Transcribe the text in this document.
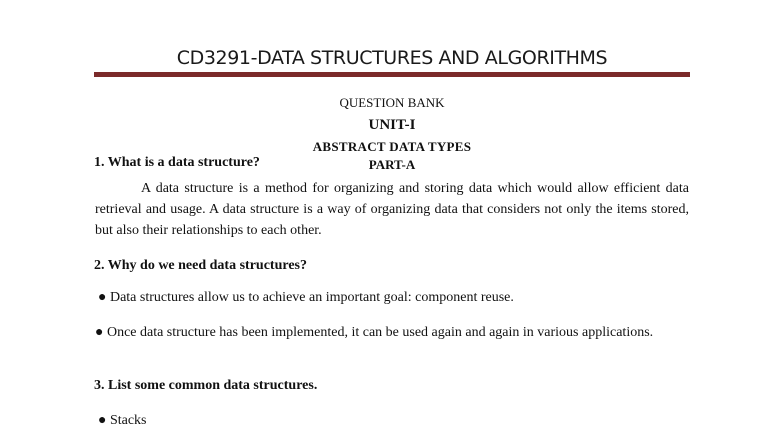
CD3291-DATA STRUCTURES AND ALGORITHMS
QUESTION BANK
UNIT-I
ABSTRACT DATA TYPES
PART-A
1. What is a data structure?
A data structure is a method for organizing and storing data which would allow efficient data retrieval and usage. A data structure is a way of organizing data that considers not only the items stored, but also their relationships to each other.
2. Why do we need data structures?
● Data structures allow us to achieve an important goal: component reuse.
● Once data structure has been implemented, it can be used again and again in various applications.
3. List some common data structures.
● Stacks
